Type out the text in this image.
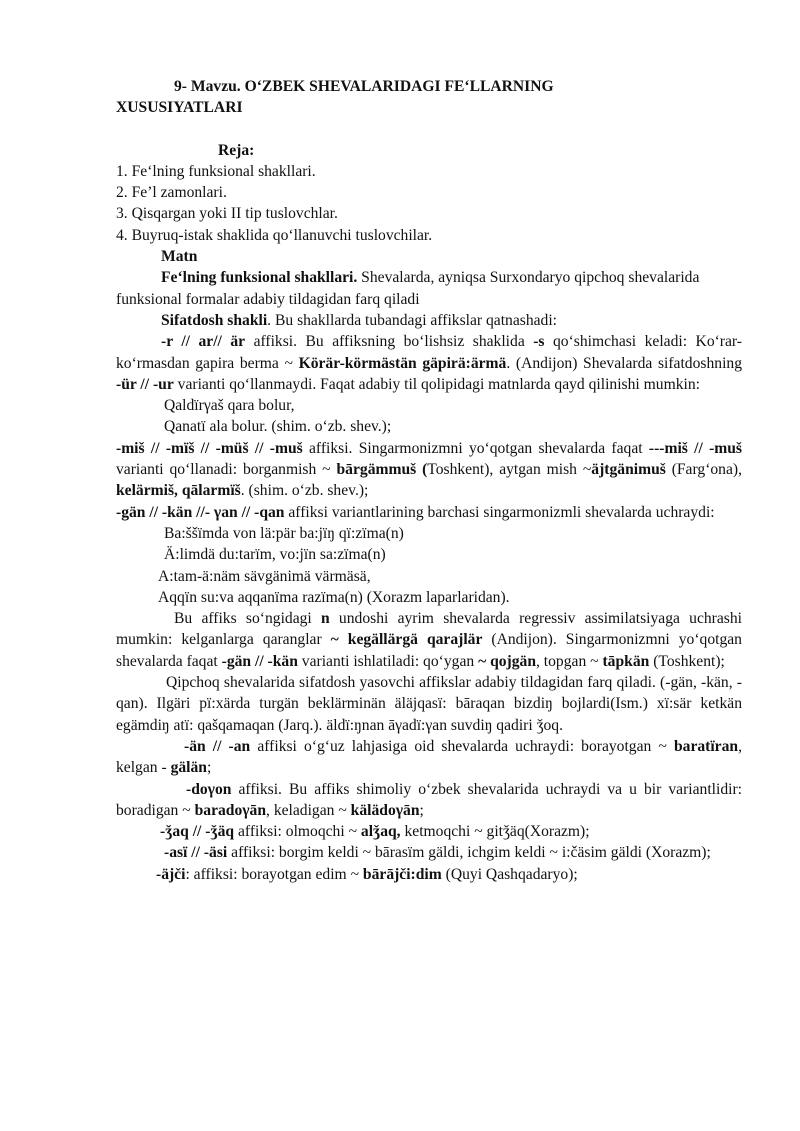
9- Mavzu. O‘ZBEK SHEVALARIDAGI FE‘LLARNING

XUSUSIYATLARI

Reja:

1. Fe‘lning funksional shakllari.

2. Fe’l zamonlari.

3. Qisqargan yoki II tip tuslovchlar.

4. Buyruq-istak shaklida qo‘llanuvchi tuslovchilar.

Matn

Fe‘lning funksional shakllari. Shevalarda, ayniqsa Surxondaryo qipchoq shevalarida funksional formalar adabiy tildagidan farq qiladi

Sifatdosh shakli. Bu shakllarda tubandagi affikslar qatnashadi:

-r // ar// är affiksi. Bu affiksning bo‘lishsiz shaklida -s qo‘shimchasi keladi: Ko‘rar-ko‘rmasdan gapira berma ~ Körär-körmästän gäpirä:ärmä. (Andijon) Shevalarda sifatdoshning -ür // -ur varianti qo‘llanmaydi. Faqat adabiy til qolipidagi matnlarda qayd qilinishi mumkin:

Qaldïrγaš qara bolur,

Qanatï ala bolur. (shim. o‘zb. shev.);

-miš // -mïš // -müš // -muš affiksi. Singarmonizmni yo‘qotgan shevalarda faqat ---miš // -muš varianti qo‘llanadi: borganmish ~ bārgämmuš (Toshkent), aytgan mish ~äjtgänimuš (Farg‘ona), kelärmiš, qālarmïš. (shim. o‘zb. shev.);

-gän // -kän //- γan // -qan affiksi variantlarining barchasi singarmonizmli shevalarda uchraydi:

Ba:ššïmda von lä:pär ba:jïŋ qï:zïma(n)

Ä:limdä du:tarïm, vo:jïn sa:zïma(n)

A:tam-ä:näm sävgänimä värmäsä,

Aqqïn su:va aqqanïma razïma(n) (Xorazm laparlaridan).

Bu affiks so‘ngidagi n undoshi ayrim shevalarda regressiv assimilatsiyaga uchrashi mumkin: kelganlarga qaranglar ~ kegällärgä qarajlär (Andijon). Singarmonizmni yo‘qotgan shevalarda faqat -gän // -kän varianti ishlatiladi: qo‘ygan ~ qojgän, topgan ~ tāpkän (Toshkent);

Qipchoq shevalarida sifatdosh yasovchi affikslar adabiy tildagidan farq qiladi. (-gän, -kän, -qan). Ilgäri pï:xärda turgän beklärminän äläjqasï: bāraqan bizdiŋ bojlardi(Ism.) xï:sär ketkän egämdiŋ atï: qašqamaqan (Jarq.). äldï:ŋnan āγadï:γan suvdiŋ qadiri ǯoq.

-än // -an affiksi o‘g‘uz lahjasiga oid shevalarda uchraydi: borayotgan ~ baratïran, kelgan - gälän;

-doγon affiksi. Bu affiks shimoliy o‘zbek shevalarida uchraydi va u bir variantlidir: boradigan ~ baradoγān, keladigan ~ kälädoγān;

-ǯaq // -ǯäq affiksi: olmoqchi ~ alǯaq, ketmoqchi ~ gitǯäq(Xorazm);

-asï // -äsi affiksi: borgim keldi ~ bārasïm gäldi, ichgim keldi ~ i:čäsim gäldi (Xorazm);

-äjči: affiksi: borayotgan edim ~ bārājči:dim (Quyi Qashqadaryo);
